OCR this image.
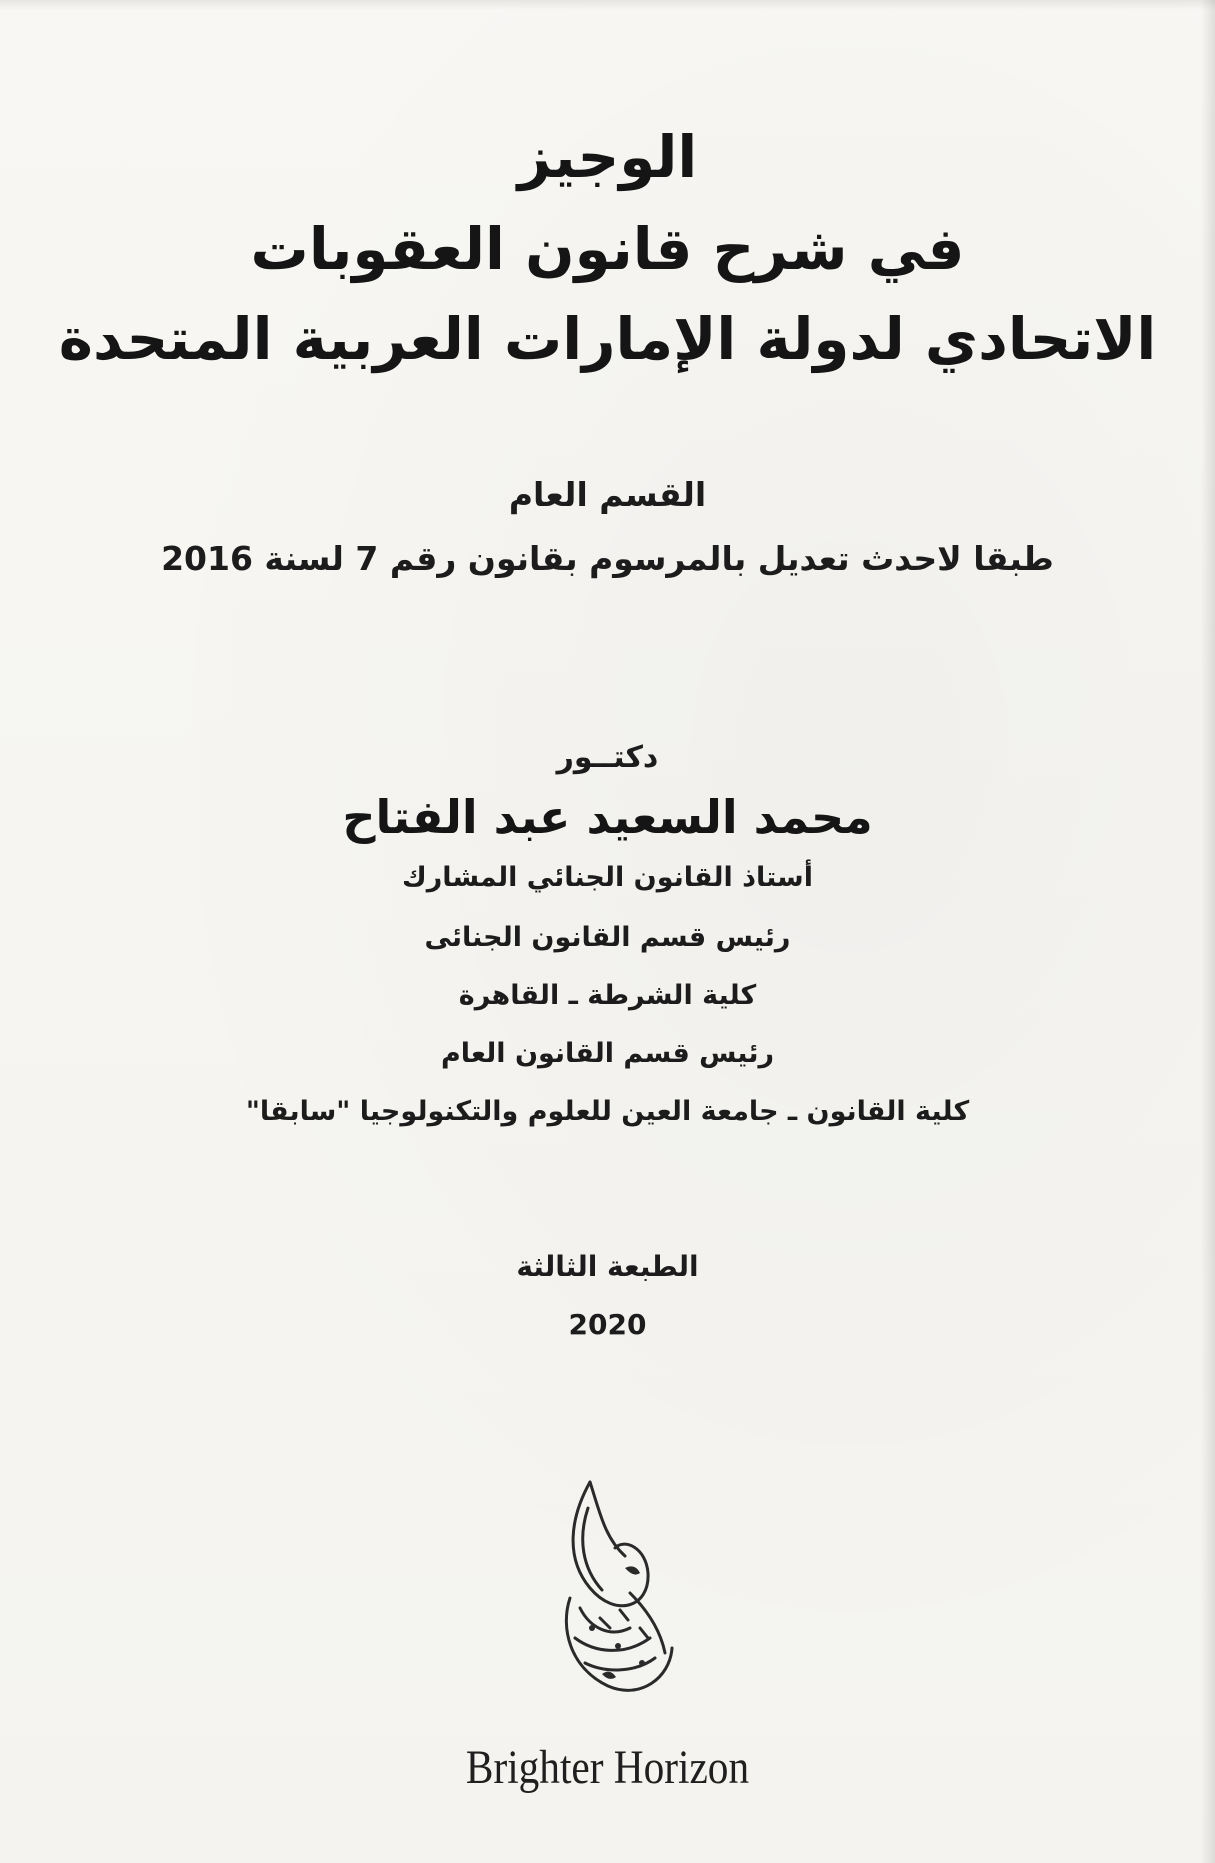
الوجيز
في شرح قانون العقوبات
الاتحادي لدولة الإمارات العربية المتحدة
القسم العام
طبقا لاحدث تعديل بالمرسوم بقانون رقم 7 لسنة 2016
دكتــور
محمد السعيد عبد الفتاح
أستاذ القانون الجنائي المشارك
رئيس قسم القانون الجنائى
كلية الشرطة ـ القاهرة
رئيس قسم القانون العام
كلية القانون ـ جامعة العين للعلوم والتكنولوجيا "سابقا"
الطبعة الثالثة
2020
Brighter Horizon
